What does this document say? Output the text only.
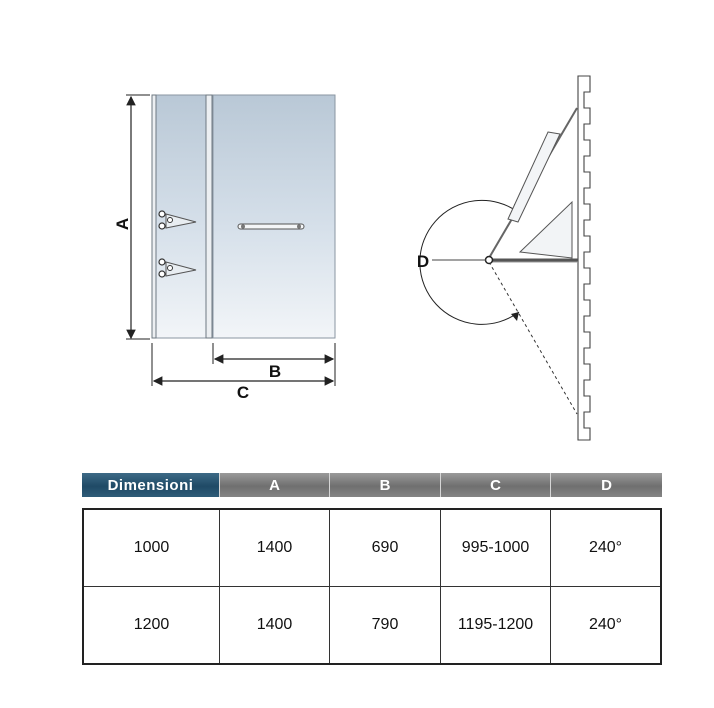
A
B
C
D
Dimensioni	A	B	C	D
1000	1400	690	995-1000	240°
1200	1400	790	1195-1200	240°
